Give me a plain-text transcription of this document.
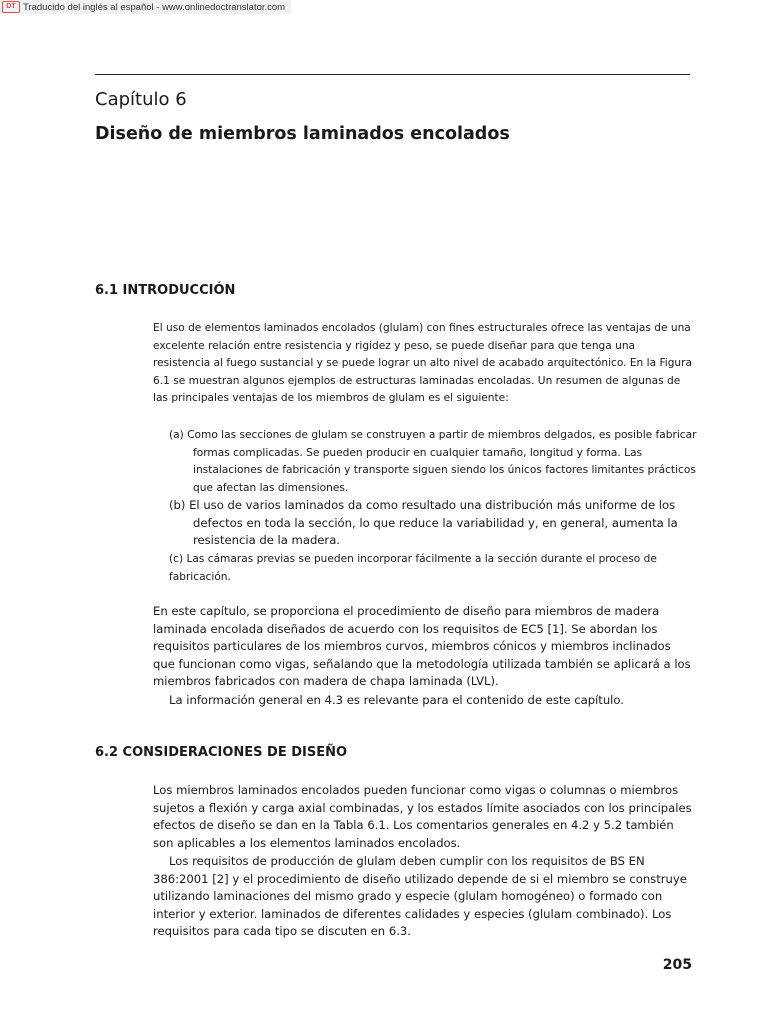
DT Traducido del inglés al español - www.onlinedoctranslator.com
Capítulo 6
Diseño de miembros laminados encolados
6.1 INTRODUCCIÓN

El uso de elementos laminados encolados (glulam) con fines estructurales ofrece las ventajas de una excelente relación entre resistencia y rigidez y peso, se puede diseñar para que tenga una resistencia al fuego sustancial y se puede lograr un alto nivel de acabado arquitectónico. En la Figura 6.1 se muestran algunos ejemplos de estructuras laminadas encoladas. Un resumen de algunas de las principales ventajas de los miembros de glulam es el siguiente:

(a) Como las secciones de glulam se construyen a partir de miembros delgados, es posible fabricar formas complicadas. Se pueden producir en cualquier tamaño, longitud y forma. Las instalaciones de fabricación y transporte siguen siendo los únicos factores limitantes prácticos que afectan las dimensiones.

(b) El uso de varios laminados da como resultado una distribución más uniforme de los defectos en toda la sección, lo que reduce la variabilidad y, en general, aumenta la resistencia de la madera.

(c) Las cámaras previas se pueden incorporar fácilmente a la sección durante el proceso de fabricación.

En este capítulo, se proporciona el procedimiento de diseño para miembros de madera laminada encolada diseñados de acuerdo con los requisitos de EC5 [1]. Se abordan los requisitos particulares de los miembros curvos, miembros cónicos y miembros inclinados que funcionan como vigas, señalando que la metodología utilizada también se aplicará a los miembros fabricados con madera de chapa laminada (LVL).

La información general en 4.3 es relevante para el contenido de este capítulo.

6.2 CONSIDERACIONES DE DISEÑO

Los miembros laminados encolados pueden funcionar como vigas o columnas o miembros sujetos a flexión y carga axial combinadas, y los estados límite asociados con los principales efectos de diseño se dan en la Tabla 6.1. Los comentarios generales en 4.2 y 5.2 también son aplicables a los elementos laminados encolados.

Los requisitos de producción de glulam deben cumplir con los requisitos de BS EN 386:2001 [2] y el procedimiento de diseño utilizado depende de si el miembro se construye utilizando laminaciones del mismo grado y especie (glulam homogéneo) o formado con interior y exterior. laminados de diferentes calidades y especies (glulam combinado). Los requisitos para cada tipo se discuten en 6.3.

205
